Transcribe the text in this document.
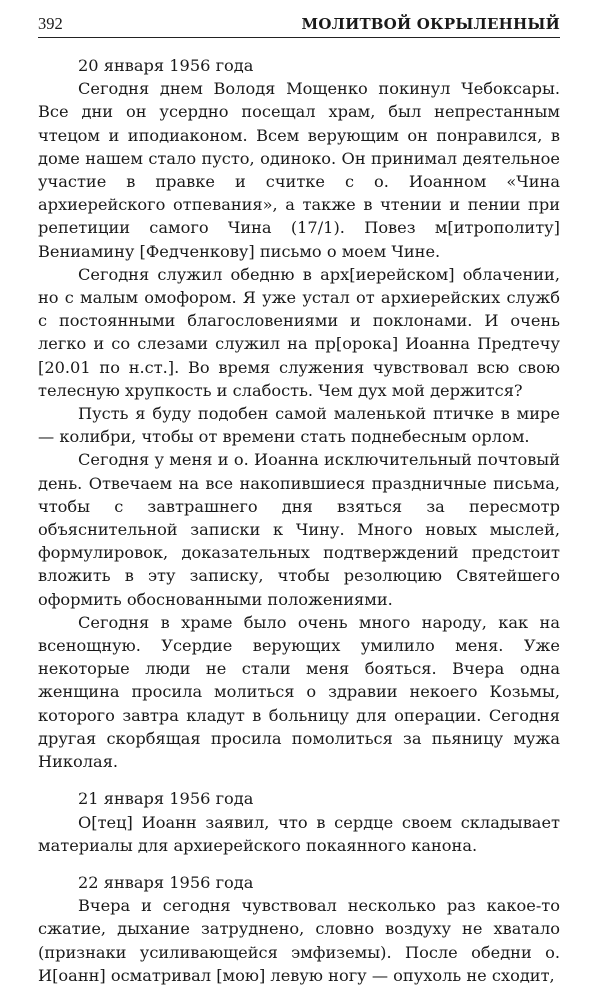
392	МОЛИТВОЙ ОКРЫЛЕННЫЙ

20 января 1956 года

Сегодня днем Володя Мощенко покинул Чебоксары. Все дни он усердно посещал храм, был непрестанным чтецом и иподиаконом. Всем верующим он понравился, в доме нашем стало пусто, одиноко. Он принимал деятельное участие в правке и считке с о. Иоанном «Чина архиерейского отпевания», а также в чтении и пении при репетиции самого Чина (17/1). Повез м[итрополиту] Вениамину [Федченкову] письмо о моем Чине.

Сегодня служил обедню в арх[иерейском] облачении, но с малым омофором. Я уже устал от архиерейских служб с постоянными благословениями и поклонами. И очень легко и со слезами служил на пр[орока] Иоанна Предтечу [20.01 по н.ст.]. Во время служения чувствовал всю свою телесную хрупкость и слабость. Чем дух мой держится?

Пусть я буду подобен самой маленькой птичке в мире — колибри, чтобы от времени стать поднебесным орлом.

Сегодня у меня и о. Иоанна исключительный почтовый день. Отвечаем на все накопившиеся праздничные письма, чтобы с завтрашнего дня взяться за пересмотр объяснительной записки к Чину. Много новых мыслей, формулировок, доказательных подтверждений предстоит вложить в эту записку, чтобы резолюцию Святейшего оформить обоснованными положениями.

Сегодня в храме было очень много народу, как на всенощную. Усердие верующих умилило меня. Уже некоторые люди не стали меня бояться. Вчера одна женщина просила молиться о здравии некоего Козьмы, которого завтра кладут в больницу для операции. Сегодня другая скорбящая просила помолиться за пьяницу мужа Николая.

21 января 1956 года

О[тец] Иоанн заявил, что в сердце своем складывает материалы для архиерейского покаянного канона.

22 января 1956 года

Вчера и сегодня чувствовал несколько раз какое-то сжатие, дыхание затруднено, словно воздуху не хватало (признаки усиливающейся эмфиземы). После обедни о. И[оанн] осматривал [мою] левую ногу — опухоль не сходит,
